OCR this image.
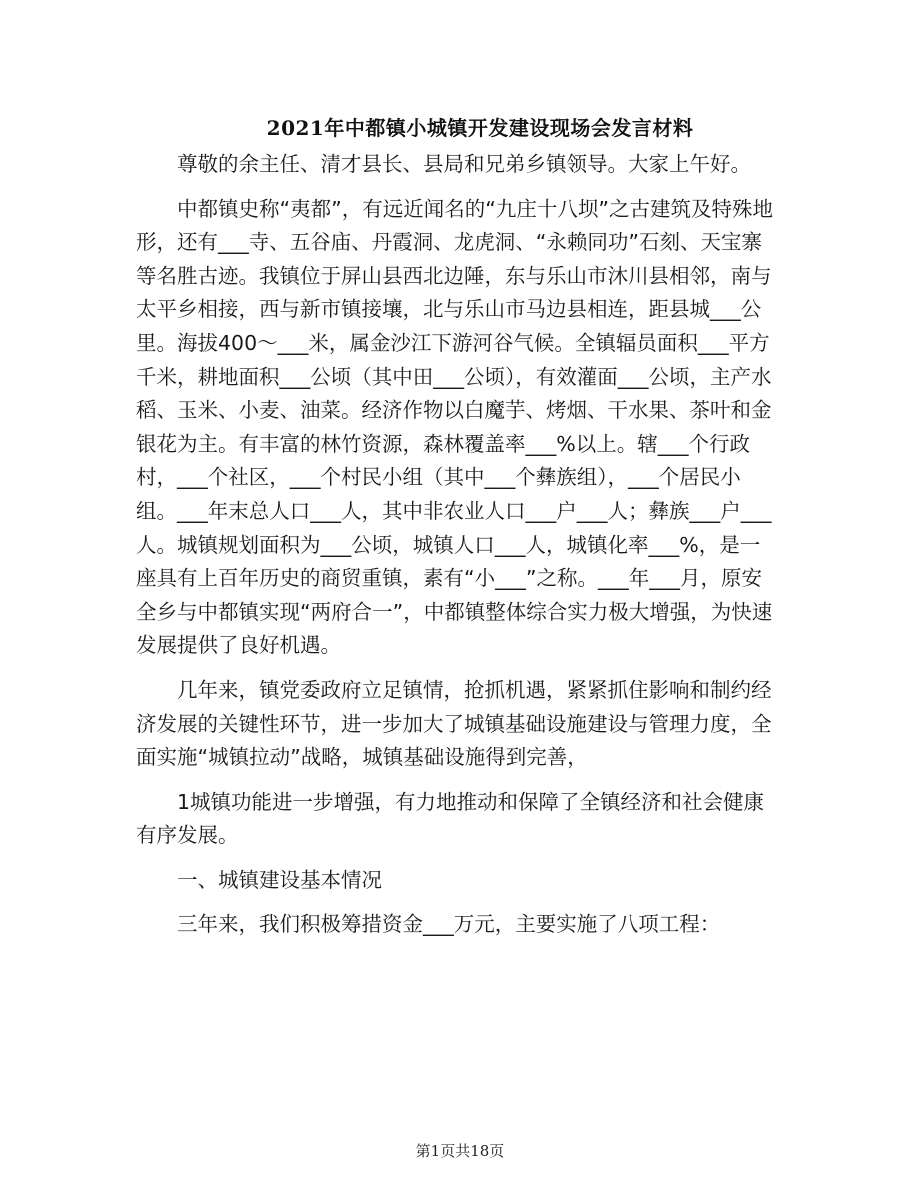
2021年中都镇小城镇开发建设现场会发言材料

尊敬的余主任、清才县长、县局和兄弟乡镇领导。大家上午好。

中都镇史称“夷都”，有远近闻名的“九庄十八坝”之古建筑及特殊地形，还有___寺、五谷庙、丹霞洞、龙虎洞、“永赖同功”石刻、天宝寨等名胜古迹。我镇位于屏山县西北边陲，东与乐山市沐川县相邻，南与太平乡相接，西与新市镇接壤，北与乐山市马边县相连，距县城___公里。海拔400～___米，属金沙江下游河谷气候。全镇辐员面积___平方千米，耕地面积___公顷（其中田___公顷），有效灌面___公顷，主产水稻、玉米、小麦、油菜。经济作物以白魔芋、烤烟、干水果、茶叶和金银花为主。有丰富的林竹资源，森林覆盖率___%以上。辖___个行政村，___个社区，___个村民小组（其中___个彝族组），___个居民小组。___年末总人口___人，其中非农业人口___户___人；彝族___户___人。城镇规划面积为___公顷，城镇人口___人，城镇化率___%，是一座具有上百年历史的商贸重镇，素有“小___”之称。___年___月，原安全乡与中都镇实现“两府合一”，中都镇整体综合实力极大增强，为快速发展提供了良好机遇。

几年来，镇党委政府立足镇情，抢抓机遇，紧紧抓住影响和制约经济发展的关键性环节，进一步加大了城镇基础设施建设与管理力度，全面实施“城镇拉动”战略，城镇基础设施得到完善，

1城镇功能进一步增强，有力地推动和保障了全镇经济和社会健康有序发展。

一、城镇建设基本情况

三年来，我们积极筹措资金___万元，主要实施了八项工程：

第1页共18页
